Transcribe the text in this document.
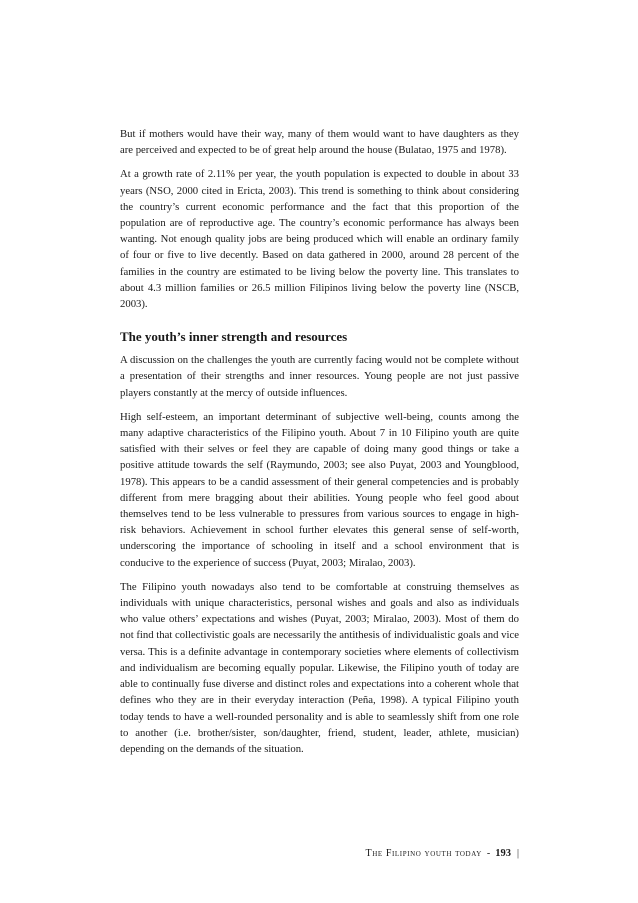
But if mothers would have their way, many of them would want to have daughters as they are perceived and expected to be of great help around the house (Bulatao, 1975 and 1978).

At a growth rate of 2.11% per year, the youth population is expected to double in about 33 years (NSO, 2000 cited in Ericta, 2003). This trend is something to think about considering the country’s current economic performance and the fact that this proportion of the population are of reproductive age. The country’s economic performance has always been wanting. Not enough quality jobs are being produced which will enable an ordinary family of four or five to live decently. Based on data gathered in 2000, around 28 percent of the families in the country are estimated to be living below the poverty line. This translates to about 4.3 million families or 26.5 million Filipinos living below the poverty line (NSCB, 2003).

The youth’s inner strength and resources

A discussion on the challenges the youth are currently facing would not be complete without a presentation of their strengths and inner resources. Young people are not just passive players constantly at the mercy of outside influences.

High self-esteem, an important determinant of subjective well-being, counts among the many adaptive characteristics of the Filipino youth. About 7 in 10 Filipino youth are quite satisfied with their selves or feel they are capable of doing many good things or take a positive attitude towards the self (Raymundo, 2003; see also Puyat, 2003 and Youngblood, 1978). This appears to be a candid assessment of their general competencies and is probably different from mere bragging about their abilities. Young people who feel good about themselves tend to be less vulnerable to pressures from various sources to engage in high-risk behaviors. Achievement in school further elevates this general sense of self-worth, underscoring the importance of schooling in itself and a school environment that is conducive to the experience of success (Puyat, 2003; Miralao, 2003).

The Filipino youth nowadays also tend to be comfortable at construing themselves as individuals with unique characteristics, personal wishes and goals and also as individuals who value others’ expectations and wishes (Puyat, 2003; Miralao, 2003). Most of them do not find that collectivistic goals are necessarily the antithesis of individualistic goals and vice versa. This is a definite advantage in contemporary societies where elements of collectivism and individualism are becoming equally popular. Likewise, the Filipino youth of today are able to continually fuse diverse and distinct roles and expectations into a coherent whole that defines who they are in their everyday interaction (Peña, 1998). A typical Filipino youth today tends to have a well-rounded personality and is able to seamlessly shift from one role to another (i.e. brother/sister, son/daughter, friend, student, leader, athlete, musician) depending on the demands of the situation.

The Filipino youth today - 193 |
